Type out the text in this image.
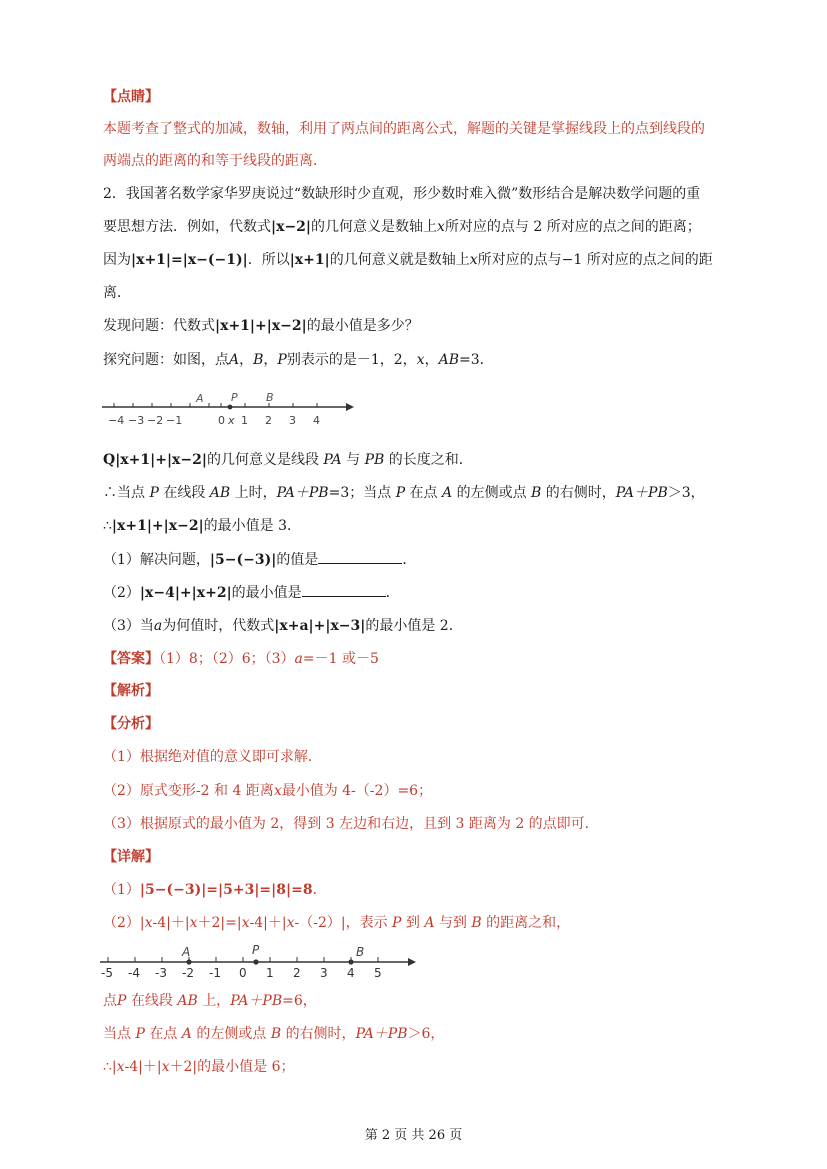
【点睛】
本题考查了整式的加减，数轴，利用了两点间的距离公式，解题的关键是掌握线段上的点到线段的
两端点的距离的和等于线段的距离．
2．我国著名数学家华罗庚说过“数缺形时少直观，形少数时难入微”数形结合是解决数学问题的重
要思想方法．例如，代数式|x−2|的几何意义是数轴上x所对应的点与 2 所对应的点之间的距离；
因为|x+1|=|x−(−1)|．所以|x+1|的几何意义就是数轴上x所对应的点与−1 所对应的点之间的距
离．
发现问题：代数式|x+1|+|x−2|的最小值是多少？
探究问题：如图，点A，B，P别表示的是－1，2，x，AB=3．
A P	B
−4 −3 −2 −1	0 x 1 2 3 4
Q|x+1|+|x−2|的几何意义是线段 PA 与 PB 的长度之和．
∴当点 P 在线段 AB 上时，PA＋PB=3；当点 P 在点 A 的左侧或点 B 的右侧时，PA＋PB＞3，
∴|x+1|+|x−2|的最小值是 3．
（1）解决问题，|5−(−3)|的值是	．
（2）|x−4|+|x+2|的最小值是	．
（3）当a为何值时，代数式|x+a|+|x−3|的最小值是 2．
【答案】（1）8；（2）6；（3）a=－1 或－5
【解析】
【分析】
（1）根据绝对值的意义即可求解．
（2）原式变形-2 和 4 距离x最小值为 4-（-2）=6；
（3）根据原式的最小值为 2，得到 3 左边和右边，且到 3 距离为 2 的点即可．
【详解】
（1）|5−(−3)|=|5+3|=|8|=8．
（2）|x-4|＋|x＋2|=|x-4|＋|x-（-2）|，表示 P 到 A 与到 B 的距离之和，
A	P	B
-5 -4 -3 -2 -1 0 1 2 3 4 5
点P 在线段 AB 上，PA＋PB=6，
当点 P 在点 A 的左侧或点 B 的右侧时，PA＋PB＞6，
∴|x-4|＋|x＋2|的最小值是 6；
第 2 页 共 26 页
